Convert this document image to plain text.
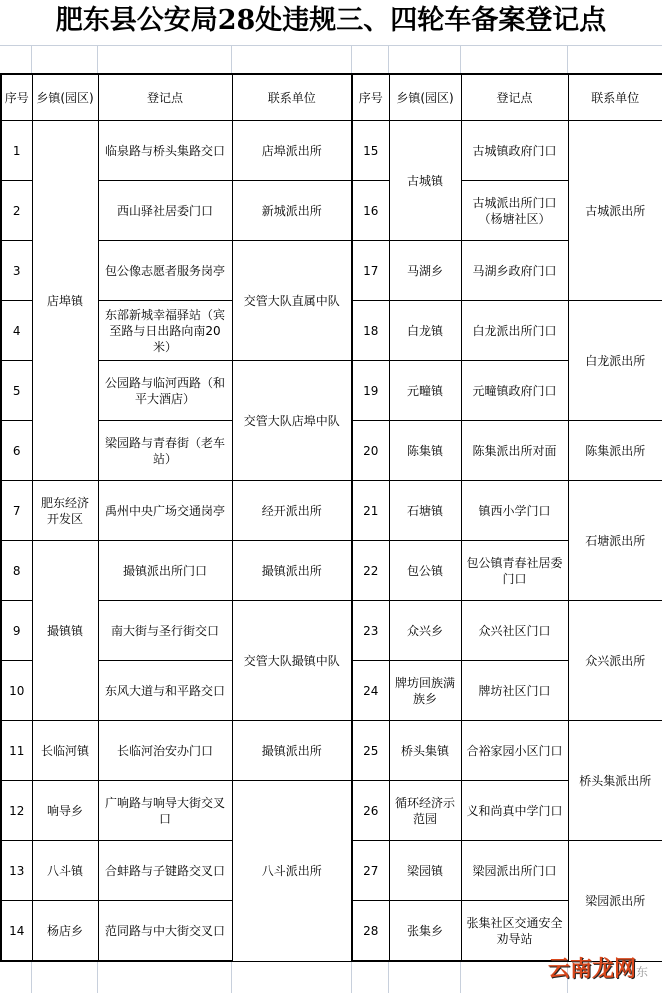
肥东县公安局28处违规三、四轮车备案登记点
序号	乡镇(园区)	登记点	联系单位	序号	乡镇(园区)	登记点	联系单位
1	店埠镇	临泉路与桥头集路交口	店埠派出所	15	古城镇	古城镇政府门口	古城派出所
2		西山驿社居委门口	新城派出所	16		古城派出所门口（杨塘社区）	
3		包公像志愿者服务岗亭	交管大队直属中队	17	马湖乡	马湖乡政府门口	
4		东部新城幸福驿站（宾至路与日出路向南20米）		18	白龙镇	白龙派出所门口	白龙派出所
5		公园路与临河西路（和平大酒店）	交管大队店埠中队	19	元疃镇	元疃镇政府门口	
6		梁园路与青春街（老车站）		20	陈集镇	陈集派出所对面	陈集派出所
7	肥东经济开发区	禹州中央广场交通岗亭	经开派出所	21	石塘镇	镇西小学门口	石塘派出所
8	撮镇镇	撮镇派出所门口	撮镇派出所	22	包公镇	包公镇青春社居委门口	
9		南大街与圣行街交口	交管大队撮镇中队	23	众兴乡	众兴社区门口	众兴派出所
10		东风大道与和平路交口		24	牌坊回族满族乡	牌坊社区门口	
11	长临河镇	长临河治安办门口	撮镇派出所	25	桥头集镇	合裕家园小区门口	桥头集派出所
12	响导乡	广响路与响导大街交叉口	八斗派出所	26	循环经济示范园	义和尚真中学门口	
13	八斗镇	合蚌路与子键路交叉口		27	梁园镇	梁园派出所门口	梁园派出所
14	杨店乡	范同路与中大街交叉口		28	张集乡	张集社区交通安全劝导站	
云南龙网东
